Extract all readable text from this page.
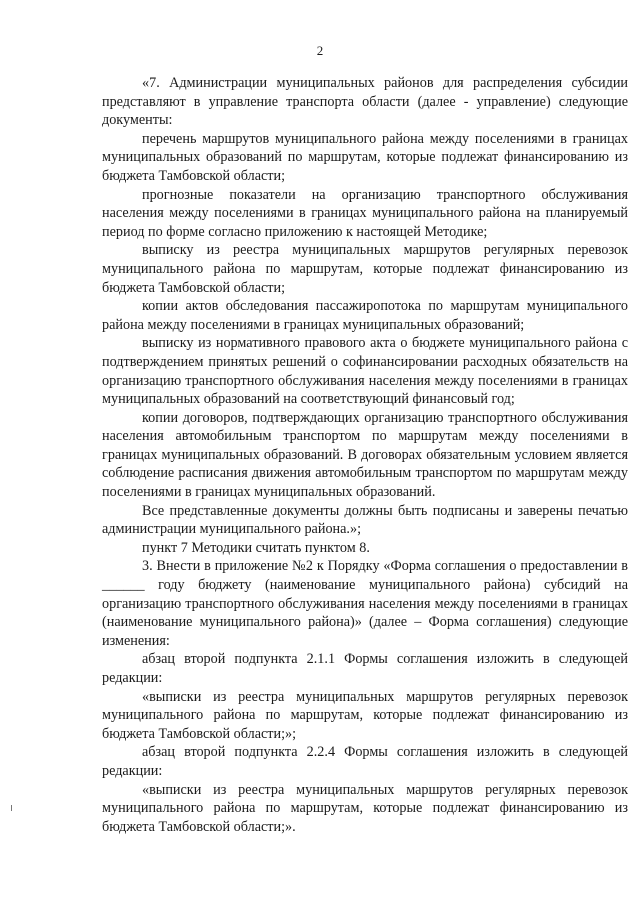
2

«7. Администрации муниципальных районов для распределения субсидии представляют в управление транспорта области (далее - управление) следующие документы:

перечень маршрутов муниципального района между поселениями в границах муниципальных образований по маршрутам, которые подлежат финансированию из бюджета Тамбовской области;

прогнозные показатели на организацию транспортного обслуживания населения между поселениями в границах муниципального района на планируемый период по форме согласно приложению к настоящей Методике;

выписку из реестра муниципальных маршрутов регулярных перевозок муниципального района по маршрутам, которые подлежат финансированию из бюджета Тамбовской области;

копии актов обследования пассажиропотока по маршрутам муниципального района между поселениями в границах муниципальных образований;

выписку из нормативного правового акта о бюджете муниципального района с подтверждением принятых решений о софинансировании расходных обязательств на организацию транспортного обслуживания населения между поселениями в границах муниципальных образований на соответствующий финансовый год;

копии договоров, подтверждающих организацию транспортного обслуживания населения автомобильным транспортом по маршрутам между поселениями в границах муниципальных образований. В договорах обязательным условием является соблюдение расписания движения автомобильным транспортом по маршрутам между поселениями в границах муниципальных образований.

Все представленные документы должны быть подписаны и заверены печатью администрации муниципального района.»;

пункт 7 Методики считать пунктом 8.

3. Внести в приложение №2 к Порядку «Форма соглашения о предоставлении в ______ году бюджету (наименование муниципального района) субсидий на организацию транспортного обслуживания населения между поселениями в границах (наименование муниципального района)» (далее – Форма соглашения) следующие изменения:

абзац второй подпункта 2.1.1 Формы соглашения изложить в следующей редакции:

«выписки из реестра муниципальных маршрутов регулярных перевозок муниципального района по маршрутам, которые подлежат финансированию из бюджета Тамбовской области;»;

абзац второй подпункта 2.2.4 Формы соглашения изложить в следующей редакции:

«выписки из реестра муниципальных маршрутов регулярных перевозок муниципального района по маршрутам, которые подлежат финансированию из бюджета Тамбовской области;».
